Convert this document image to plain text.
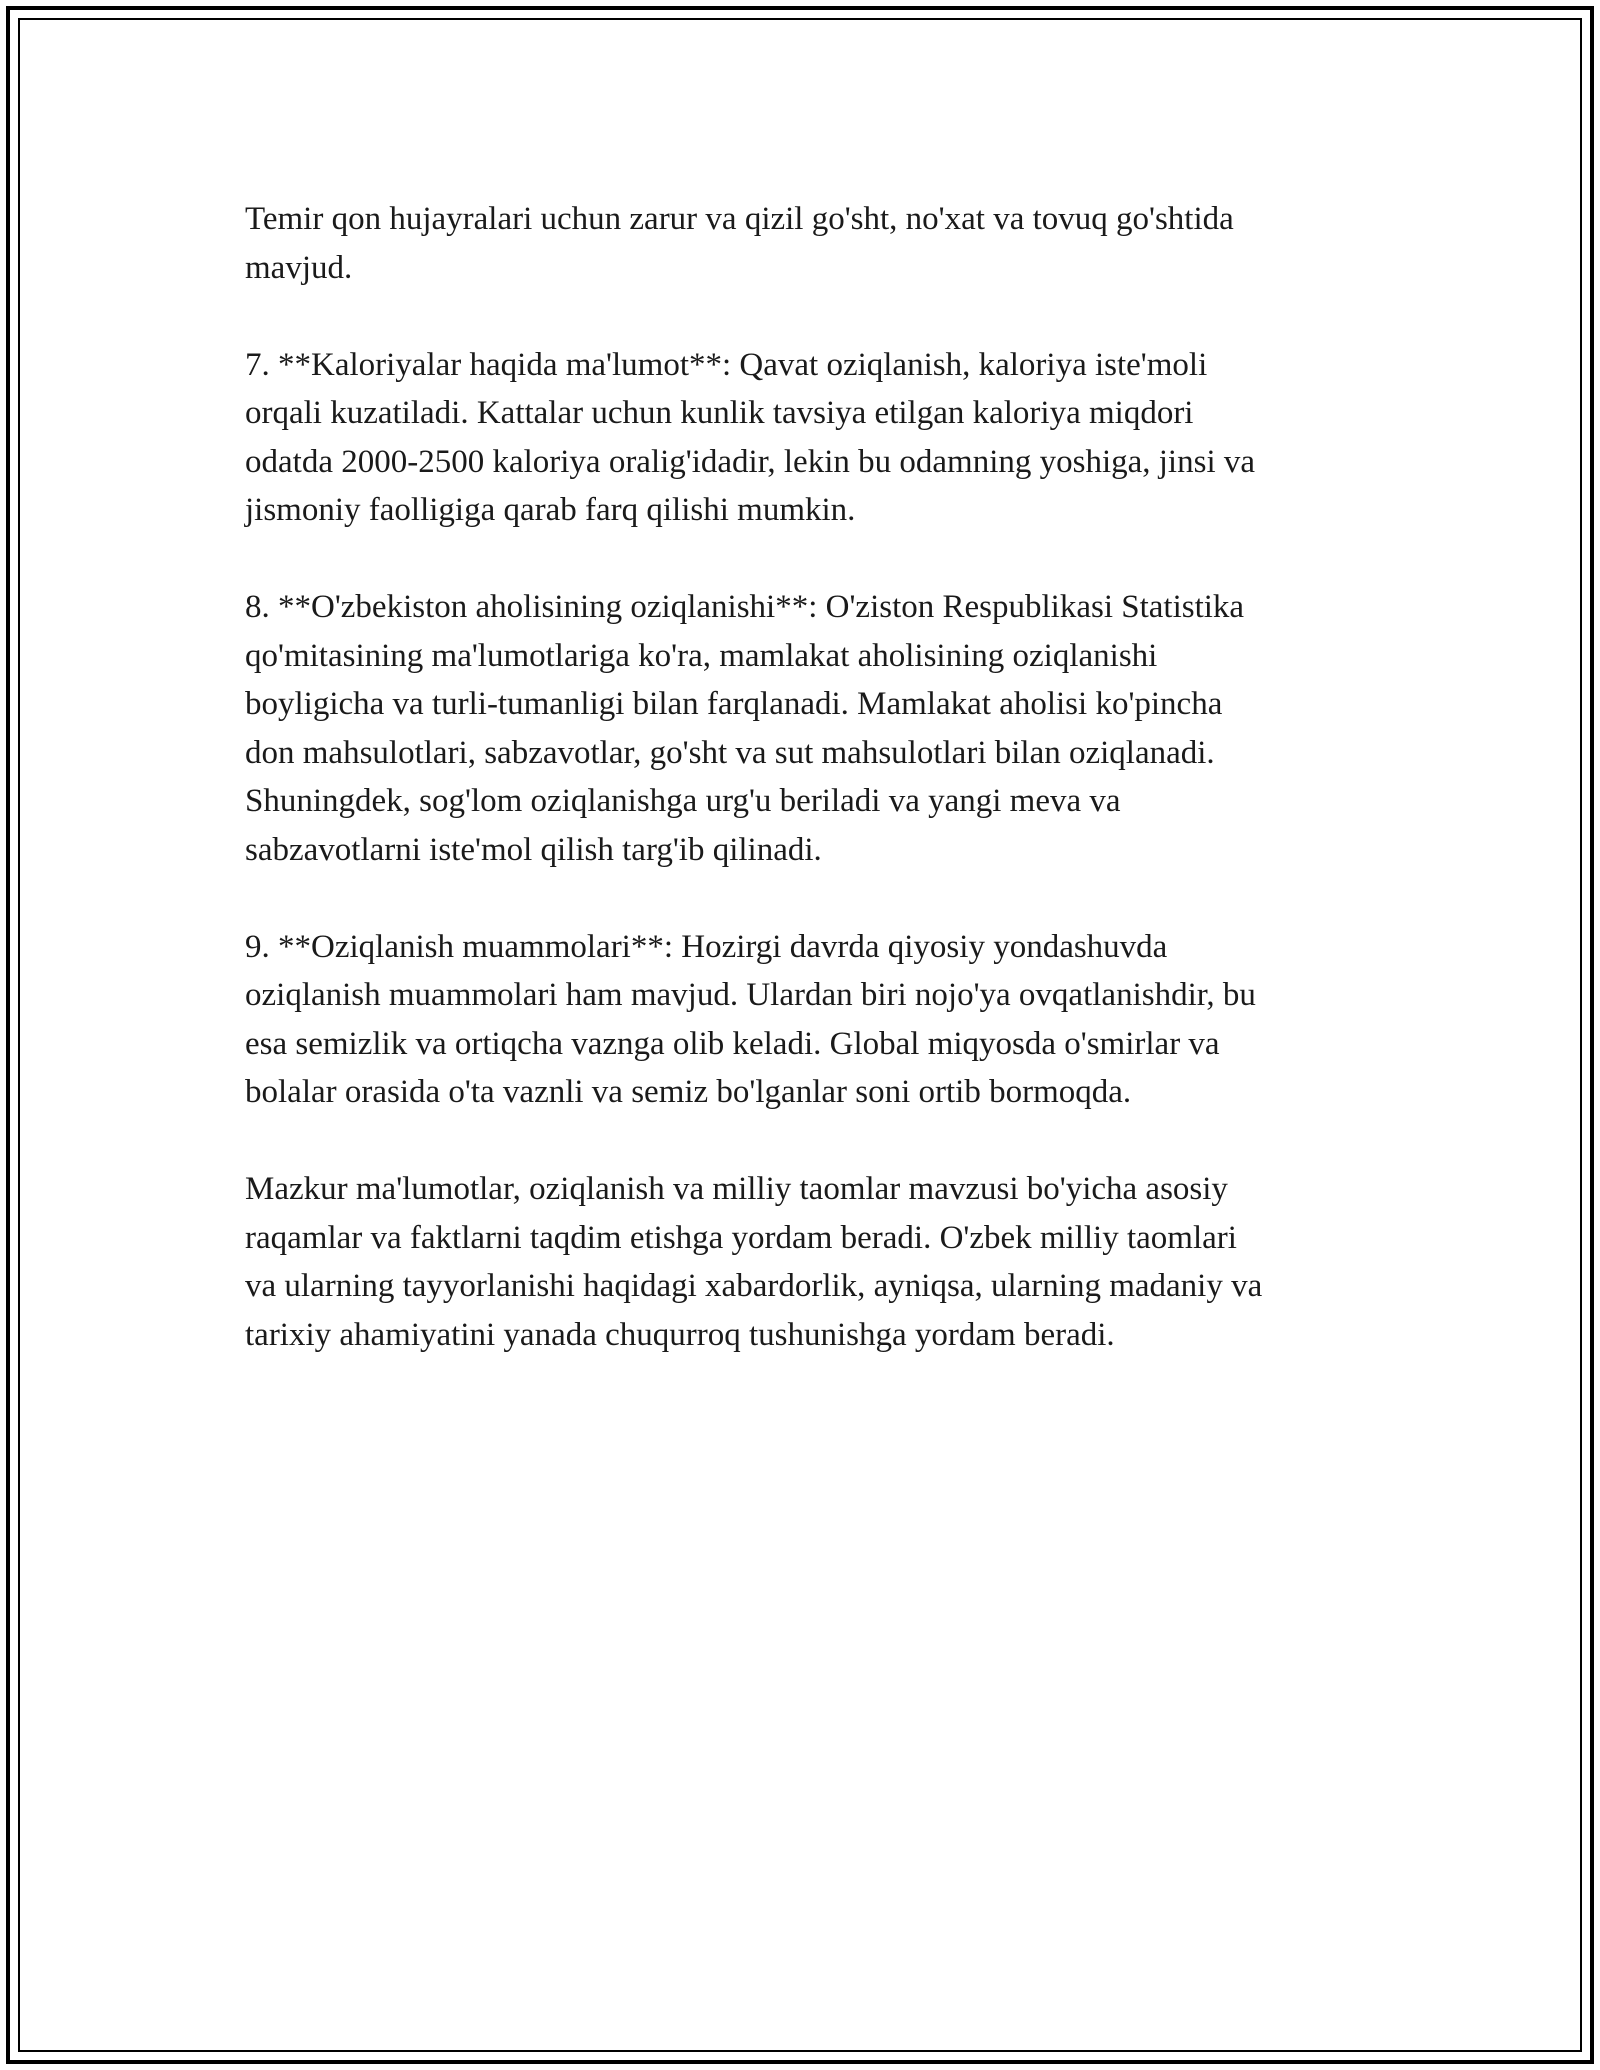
Temir qon hujayralari uchun zarur va qizil go'sht, no'xat va tovuq go'shtida
mavjud.

7. **Kaloriyalar haqida ma'lumot**: Qavat oziqlanish, kaloriya iste'moli
orqali kuzatiladi. Kattalar uchun kunlik tavsiya etilgan kaloriya miqdori
odatda 2000-2500 kaloriya oralig'idadir, lekin bu odamning yoshiga, jinsi va
jismoniy faolligiga qarab farq qilishi mumkin.

8. **O'zbekiston aholisining oziqlanishi**: O'ziston Respublikasi Statistika
qo'mitasining ma'lumotlariga ko'ra, mamlakat aholisining oziqlanishi
boyligicha va turli-tumanligi bilan farqlanadi. Mamlakat aholisi ko'pincha
don mahsulotlari, sabzavotlar, go'sht va sut mahsulotlari bilan oziqlanadi.
Shuningdek, sog'lom oziqlanishga urg'u beriladi va yangi meva va
sabzavotlarni iste'mol qilish targ'ib qilinadi.

9. **Oziqlanish muammolari**: Hozirgi davrda qiyosiy yondashuvda
oziqlanish muammolari ham mavjud. Ulardan biri nojo'ya ovqatlanishdir, bu
esa semizlik va ortiqcha vaznga olib keladi. Global miqyosda o'smirlar va
bolalar orasida o'ta vaznli va semiz bo'lganlar soni ortib bormoqda.

Mazkur ma'lumotlar, oziqlanish va milliy taomlar mavzusi bo'yicha asosiy
raqamlar va faktlarni taqdim etishga yordam beradi. O'zbek milliy taomlari
va ularning tayyorlanishi haqidagi xabardorlik, ayniqsa, ularning madaniy va
tarixiy ahamiyatini yanada chuqurroq tushunishga yordam beradi.
